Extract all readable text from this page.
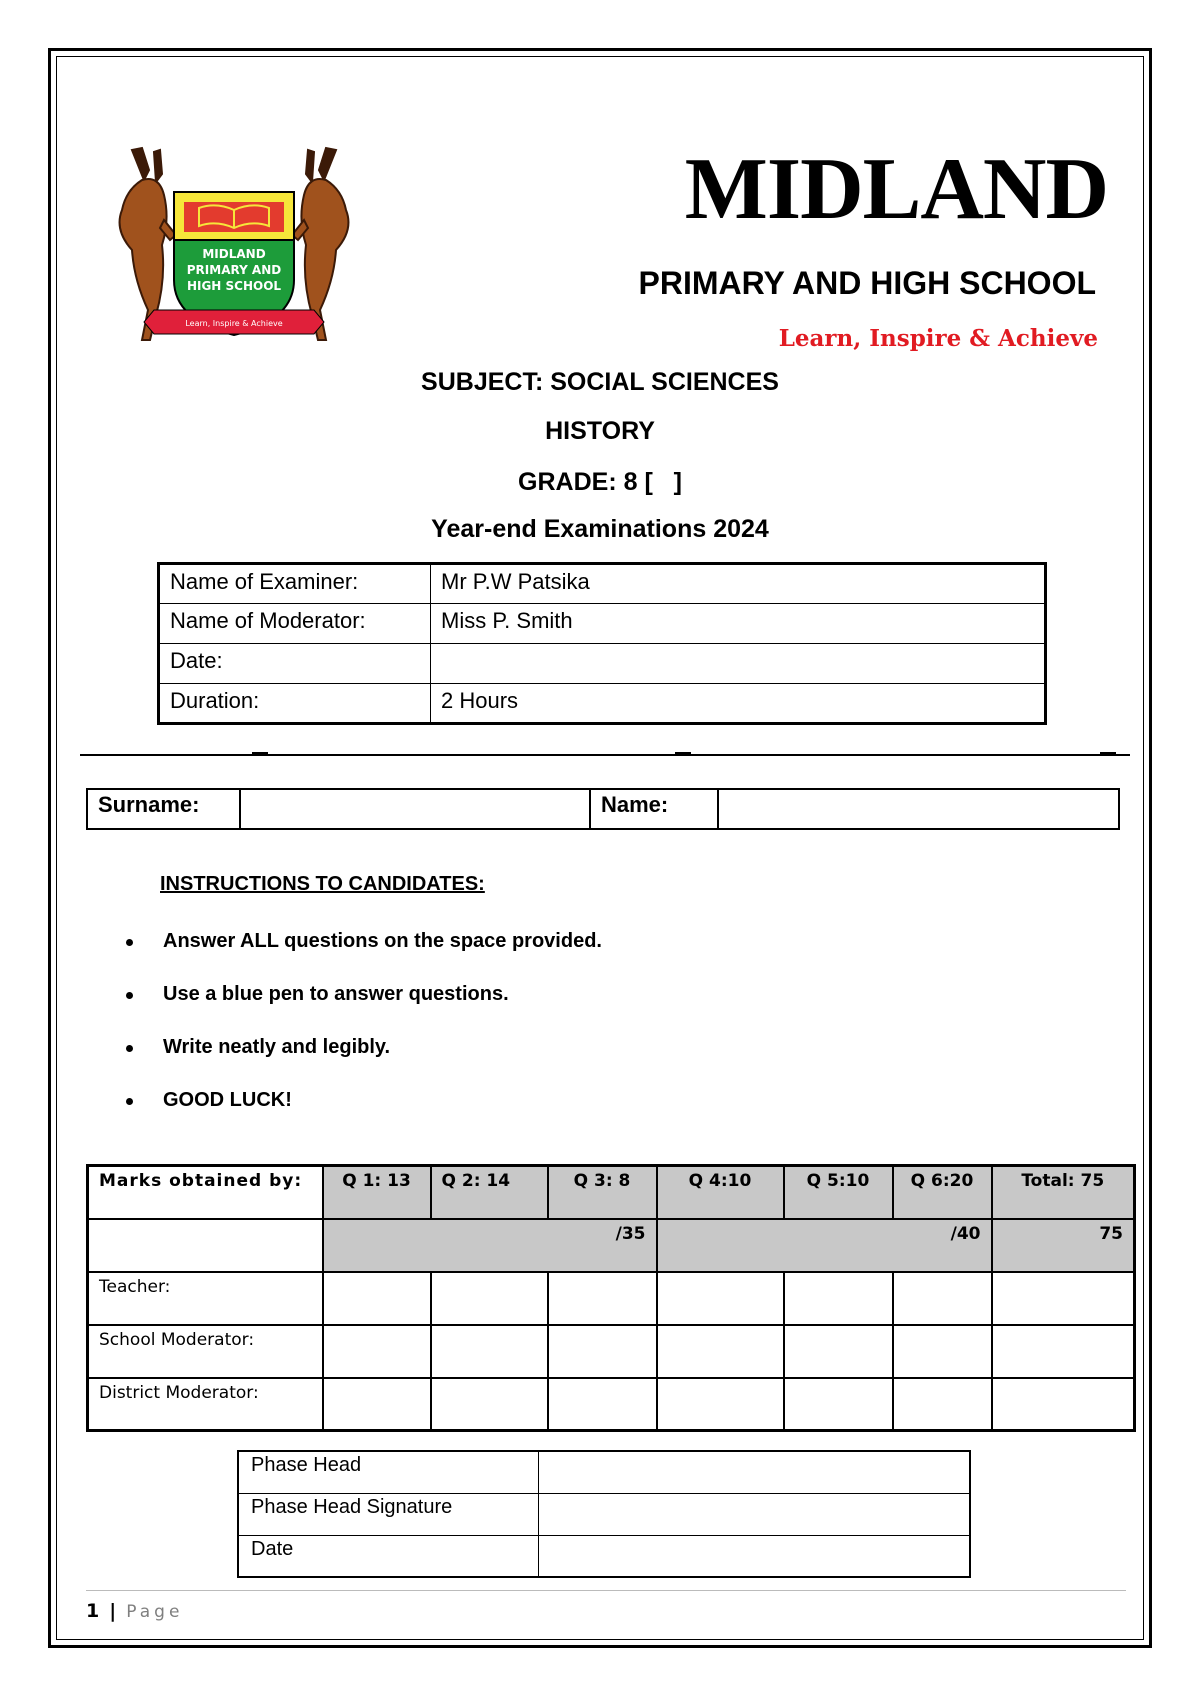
MIDLAND
PRIMARY AND
HIGH SCHOOL
Learn, Inspire & Achieve
MIDLAND
PRIMARY AND HIGH SCHOOL
Learn, Inspire & Achieve
SUBJECT: SOCIAL SCIENCES
HISTORY
GRADE: 8 [   ]
Year-end Examinations 2024
Name of Examiner:	Mr P.W Patsika
Name of Moderator:	Miss P. Smith
Date:	
Duration:	2 Hours
Surname:		Name:	
INSTRUCTIONS TO CANDIDATES:
Answer ALL questions on the space provided.
Use a blue pen to answer questions.
Write neatly and legibly.
GOOD LUCK!
Marks obtained by:	Q 1: 13	Q 2: 14	Q 3: 8	Q 4:10	Q 5:10	Q 6:20	Total: 75
	/35			/40			75
Teacher:							
School Moderator:							
District Moderator:							
Phase Head	
Phase Head Signature	
Date	
1 | Page
